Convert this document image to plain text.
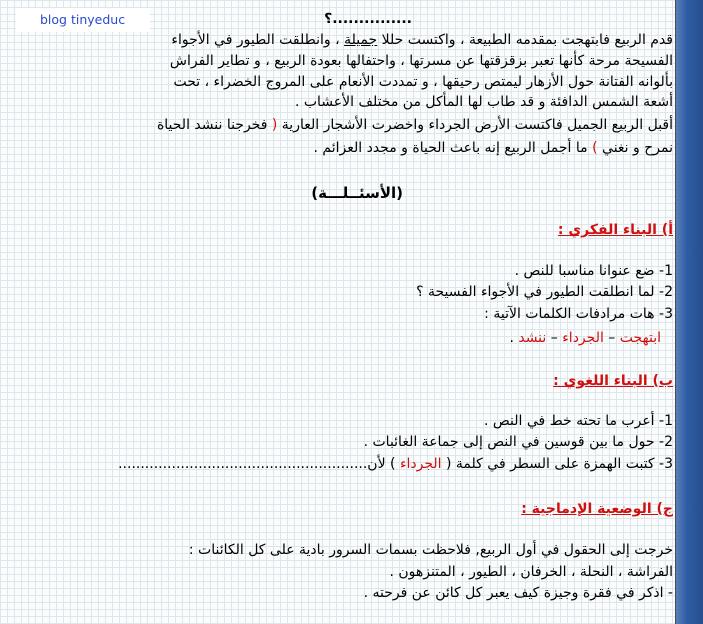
blog tinyeduc	...............؟
قدم الربيع فابتهجت بمقدمه الطبيعة ، واكتست حللا جميلة ، وانطلقت الطيور في الأجواء
الفسيحة مرحة كأنها تعبر بزقزقتها عن مسرتها ، واحتفالها بعودة الربيع ، و تطاير الفراش
بألوانه الفتانة حول الأزهار ليمتص رحيقها ، و تمددت الأنعام على المروج الخضراء ، تحت
أشعة الشمس الدافئة و قد طاب لها المأكل من مختلف الأعشاب .
أقبل الربيع الجميل فاكتست الأرض الجرداء واخضرت الأشجار العارية ( فخرجنا ننشد الحياة
نمرح و نغني ) ما أجمل الربيع إنه باعث الحياة و مجدد العزائم .
(الأسئــلـــة)
أ) البناء الفكري :
1- ضع عنوانا مناسبا للنص .
2- لما انطلقت الطيور في الأجواء الفسيحة ؟
3- هات مرادفات الكلمات الآتية :
ابتهجت – الجرداء – ننشد .
ب) البناء اللغوي :
1- أعرب ما تحته خط في النص .
2- حول ما بين قوسين في النص إلى جماعة الغائبات .
3- كتبت الهمزة على السطر في كلمة ( الجرداء ) لأن........................................................
ج) الوضعية الإدماجية :
خرجت إلى الحقول في أول الربيع, فلاحظت بسمات السرور بادية على كل الكائنات :
الفراشة ، النحلة ، الخرفان ، الطيور ، المتنزهون .
- اذكر في فقرة وجيزة كيف يعبر كل كائن عن فرحته .
